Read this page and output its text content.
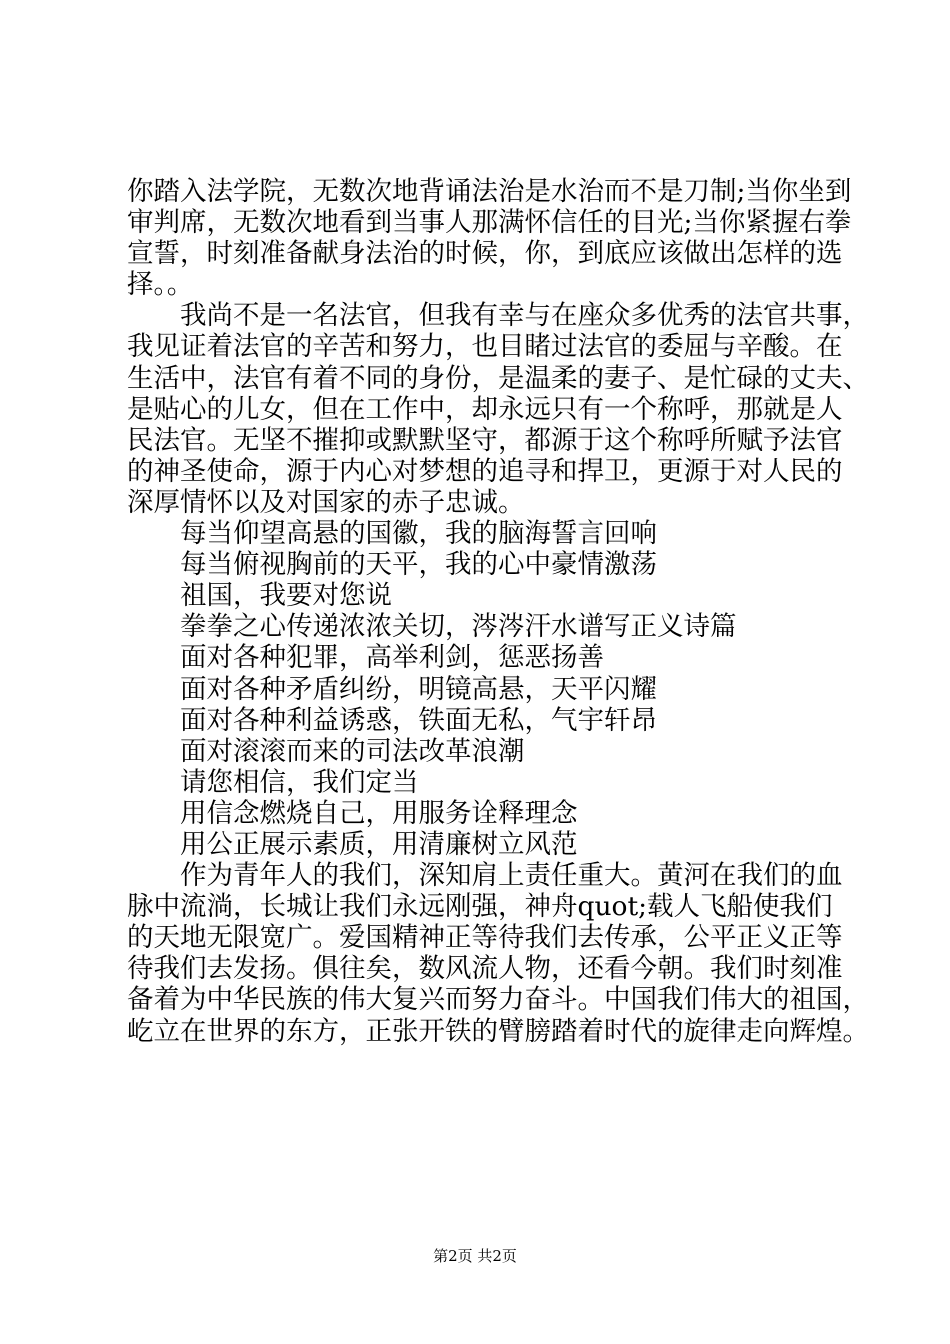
你踏入法学院，无数次地背诵法治是水治而不是刀制;当你坐到
审判席，无数次地看到当事人那满怀信任的目光;当你紧握右拳
宣誓，时刻准备献身法治的时候，你，到底应该做出怎样的选
择。。
我尚不是一名法官，但我有幸与在座众多优秀的法官共事，
我见证着法官的辛苦和努力，也目睹过法官的委屈与辛酸。在
生活中，法官有着不同的身份，是温柔的妻子、是忙碌的丈夫、
是贴心的儿女，但在工作中，却永远只有一个称呼，那就是人
民法官。无坚不摧抑或默默坚守，都源于这个称呼所赋予法官
的神圣使命，源于内心对梦想的追寻和捍卫，更源于对人民的
深厚情怀以及对国家的赤子忠诚。
每当仰望高悬的国徽，我的脑海誓言回响
每当俯视胸前的天平，我的心中豪情激荡
祖国，我要对您说
拳拳之心传递浓浓关切，涔涔汗水谱写正义诗篇
面对各种犯罪，高举利剑，惩恶扬善
面对各种矛盾纠纷，明镜高悬，天平闪耀
面对各种利益诱惑，铁面无私，气宇轩昂
面对滚滚而来的司法改革浪潮
请您相信，我们定当
用信念燃烧自己，用服务诠释理念
用公正展示素质，用清廉树立风范
作为青年人的我们，深知肩上责任重大。黄河在我们的血
脉中流淌，长城让我们永远刚强，神舟quot;载人飞船使我们
的天地无限宽广。爱国精神正等待我们去传承，公平正义正等
待我们去发扬。俱往矣，数风流人物，还看今朝。我们时刻准
备着为中华民族的伟大复兴而努力奋斗。中国我们伟大的祖国，
屹立在世界的东方，正张开铁的臂膀踏着时代的旋律走向辉煌。
第2页 共2页
